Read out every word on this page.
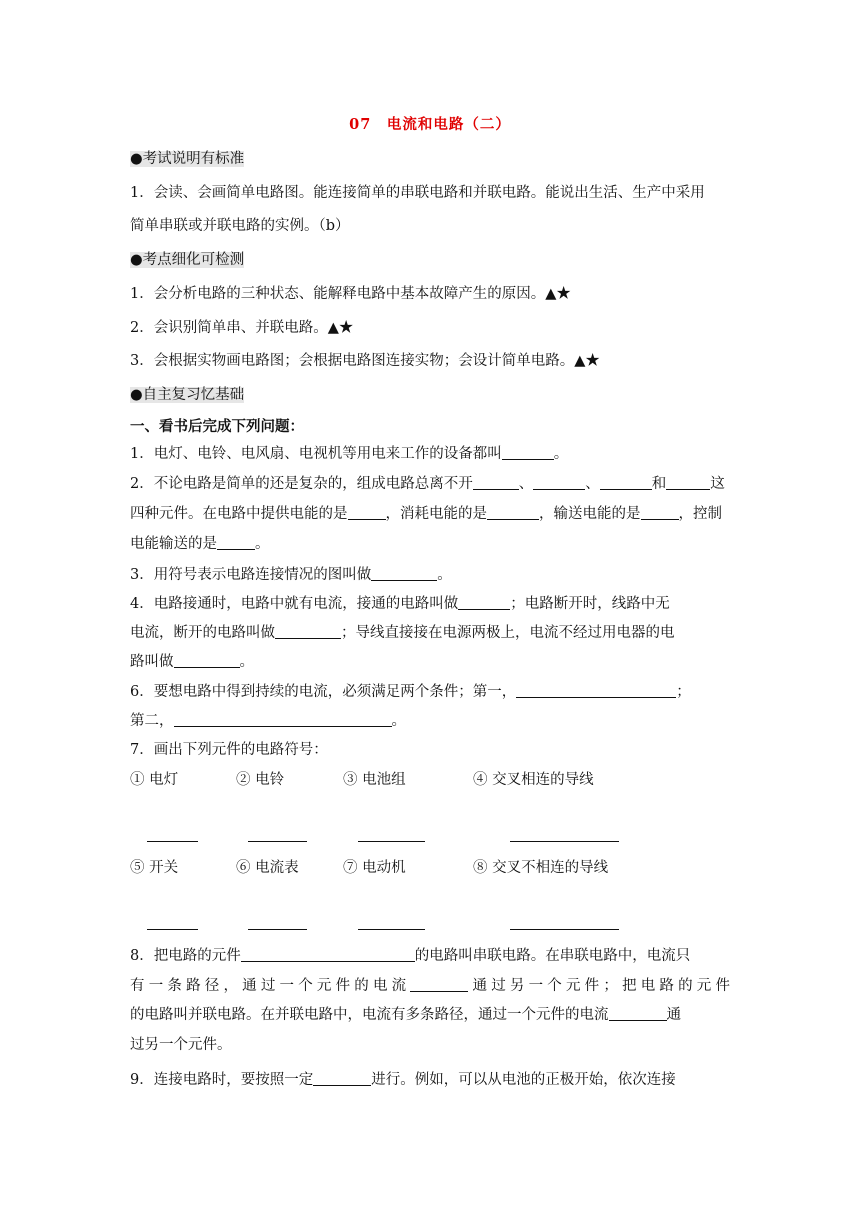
07　电流和电路（二）
●考试说明有标准
1．会读、会画简单电路图。能连接简单的串联电路和并联电路。能说出生活、生产中采用
简单串联或并联电路的实例。（b）
●考点细化可检测
1．会分析电路的三种状态、能解释电路中基本故障产生的原因。▲★
2．会识别简单串、并联电路。▲★
3．会根据实物画电路图；会根据电路图连接实物；会设计简单电路。▲★
●自主复习忆基础
一、看书后完成下列问题：
1．电灯、电铃、电风扇、电视机等用电来工作的设备都叫	。
2．不论电路是简单的还是复杂的，组成电路总离不开	、	、	和	这
四种元件。在电路中提供电能的是	，消耗电能的是	，输送电能的是	，控制
电能输送的是	。
3．用符号表示电路连接情况的图叫做	。
4．电路接通时，电路中就有电流，接通的电路叫做	；电路断开时，线路中无
电流，断开的电路叫做	；导线直接接在电源两极上，电流不经过用电器的电
路叫做	。
6．要想电路中得到持续的电流，必须满足两个条件；第一，	；
第二，	。
7．画出下列元件的电路符号：
① 电灯	② 电铃	③ 电池组	④ 交叉相连的导线
⑤ 开关	⑥ 电流表	⑦ 电动机	⑧ 交叉不相连的导线
8．把电路的元件	的电路叫串联电路。在串联电路中，电流只
有一条路径，通过一个元件的电流	通过另一个元件；把电路的元件
的电路叫并联电路。在并联电路中，电流有多条路径，通过一个元件的电流	通
过另一个元件。
9．连接电路时，要按照一定	进行。例如，可以从电池的正极开始，依次连接
